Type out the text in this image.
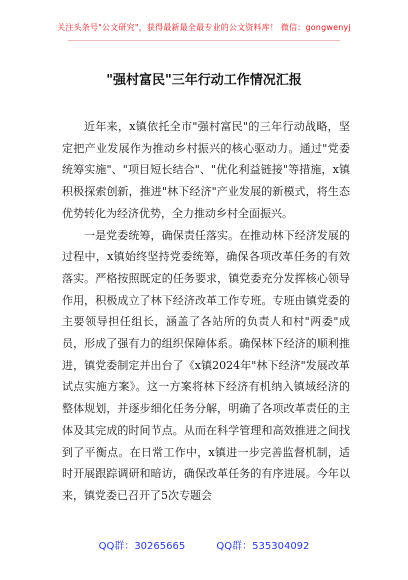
关注头条号"公文研究"，获得最新最全最专业的公文资料库！ 微信：gongwenyj
"强村富民"三年行动工作情况汇报

近年来，x镇依托全市"强村富民"的三年行动战略，坚定把产业发展作为推动乡村振兴的核心驱动力。通过"党委统筹实施"、"项目短长结合"、"优化利益链接"等措施，x镇积极探索创新，推进"林下经济"产业发展的新模式，将生态优势转化为经济优势，全力推动乡村全面振兴。

一是党委统筹，确保责任落实。在推动林下经济发展的过程中，x镇始终坚持党委统筹，确保各项改革任务的有效落实。严格按照既定的任务要求，镇党委充分发挥核心领导作用，积极成立了林下经济改革工作专班。专班由镇党委的主要领导担任组长，涵盖了各站所的负责人和村"两委"成员，形成了强有力的组织保障体系。确保林下经济的顺利推进，镇党委制定并出台了《x镇2024年"林下经济"发展改革试点实施方案》。这一方案将林下经济有机纳入镇域经济的整体规划，并逐步细化任务分解，明确了各项改革责任的主体及其完成的时间节点。从而在科学管理和高效推进之间找到了平衡点。在日常工作中，x镇进一步完善监督机制，适时开展跟踪调研和暗访，确保改革任务的有序进展。今年以来，镇党委已召开了5次专题会

QQ群：30265665	QQ群：535304092
